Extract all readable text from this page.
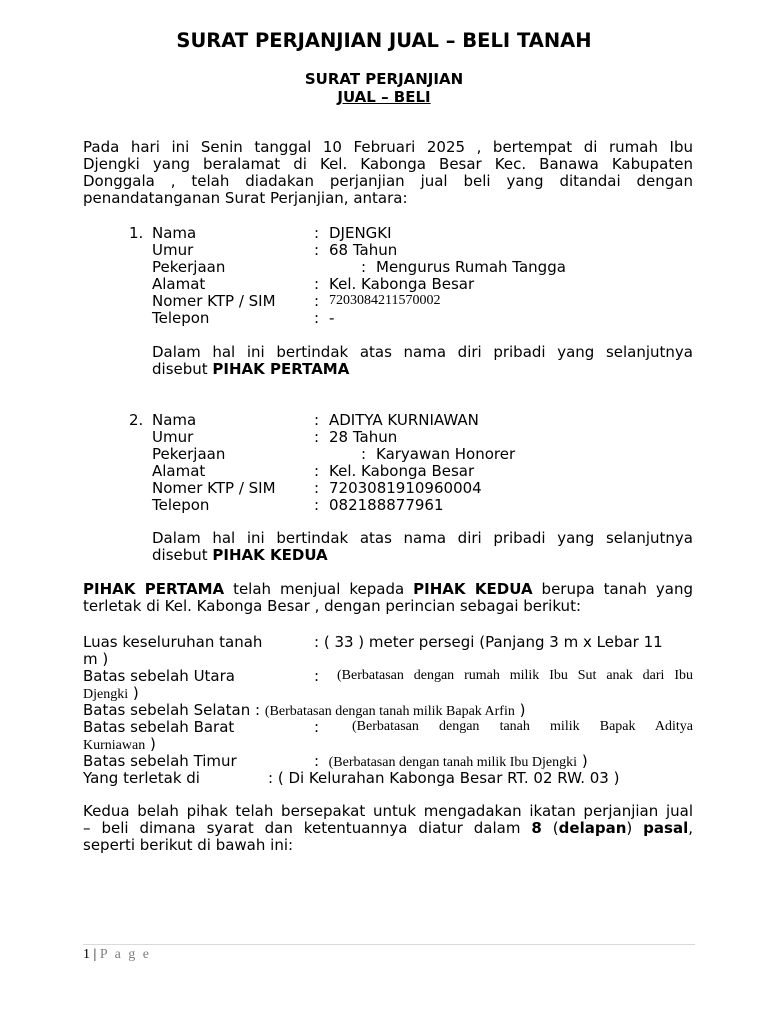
SURAT PERJANJIAN JUAL – BELI TANAH
SURAT PERJANJIAN
JUAL – BELI
Pada hari ini Senin tanggal 10 Februari 2025 , bertempat di rumah Ibu
Djengki yang beralamat di Kel. Kabonga Besar Kec. Banawa Kabupaten
Donggala , telah diadakan perjanjian jual beli yang ditandai dengan
penandatanganan Surat Perjanjian, antara:
1. Nama	: DJENGKI
Umur	: 68 Tahun
Pekerjaan	: Mengurus Rumah Tangga
Alamat	: Kel. Kabonga Besar
Nomer KTP / SIM	: 7203084211570002
Telepon	: -
Dalam hal ini bertindak atas nama diri pribadi yang selanjutnya
disebut PIHAK PERTAMA
2. Nama	: ADITYA KURNIAWAN
Umur	: 28 Tahun
Pekerjaan	: Karyawan Honorer
Alamat	: Kel. Kabonga Besar
Nomer KTP / SIM	: 7203081910960004
Telepon	: 082188877961
Dalam hal ini bertindak atas nama diri pribadi yang selanjutnya
disebut PIHAK KEDUA
PIHAK PERTAMA telah menjual kepada PIHAK KEDUA berupa tanah yang
terletak di Kel. Kabonga Besar , dengan perincian sebagai berikut:
Luas keseluruhan tanah	: ( 33 ) meter persegi (Panjang 3 m x Lebar 11
m )
Batas sebelah Utara	: (Berbatasan dengan rumah milik Ibu Sut anak dari Ibu
Djengki )
Batas sebelah Selatan : (Berbatasan dengan tanah milik Bapak Arfin )
Batas sebelah Barat	: (Berbatasan dengan tanah milik Bapak Aditya
Kurniawan )
Batas sebelah Timur	: (Berbatasan dengan tanah milik Ibu Djengki )
Yang terletak di	: ( Di Kelurahan Kabonga Besar RT. 02 RW. 03 )
Kedua belah pihak telah bersepakat untuk mengadakan ikatan perjanjian jual
– beli dimana syarat dan ketentuannya diatur dalam 8 (delapan) pasal,
seperti berikut di bawah ini:
1 | P a g e
